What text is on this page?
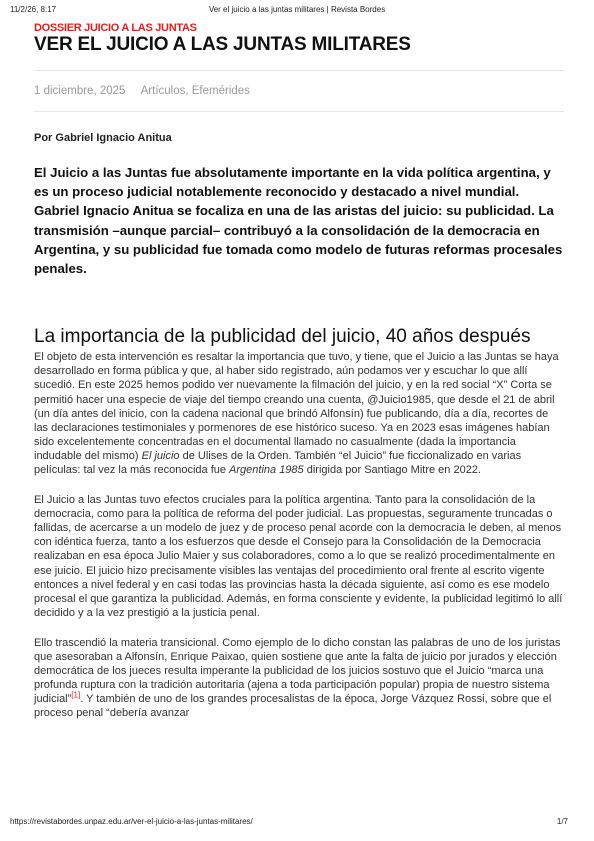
11/2/26, 8:17	Ver el juicio a las juntas militares | Revista Bordes
DOSSIER JUICIO A LAS JUNTAS
VER EL JUICIO A LAS JUNTAS MILITARES
1 diciembre, 2025 Artículos, Efemérides
Por Gabriel Ignacio Anitua
El Juicio a las Juntas fue absolutamente importante en la vida política argentina, y es un proceso judicial notablemente reconocido y destacado a nivel mundial. Gabriel Ignacio Anitua se focaliza en una de las aristas del juicio: su publicidad. La transmisión –aunque parcial– contribuyó a la consolidación de la democracia en Argentina, y su publicidad fue tomada como modelo de futuras reformas procesales penales.
La importancia de la publicidad del juicio, 40 años después

El objeto de esta intervención es resaltar la importancia que tuvo, y tiene, que el Juicio a las Juntas se haya desarrollado en forma pública y que, al haber sido registrado, aún podamos ver y escuchar lo que allí sucedió. En este 2025 hemos podido ver nuevamente la filmación del juicio, y en la red social “X” Corta se permitió hacer una especie de viaje del tiempo creando una cuenta, @Juicio1985, que desde el 21 de abril (un día antes del inicio, con la cadena nacional que brindó Alfonsín) fue publicando, día a día, recortes de las declaraciones testimoniales y pormenores de ese histórico suceso. Ya en 2023 esas imágenes habían sido excelentemente concentradas en el documental llamado no casualmente (dada la importancia indudable del mismo) El juicio de Ulises de la Orden. También “el Juicio” fue ficcionalizado en varias películas: tal vez la más reconocida fue Argentina 1985 dirigida por Santiago Mitre en 2022.

El Juicio a las Juntas tuvo efectos cruciales para la política argentina. Tanto para la consolidación de la democracia, como para la política de reforma del poder judicial. Las propuestas, seguramente truncadas o fallidas, de acercarse a un modelo de juez y de proceso penal acorde con la democracia le deben, al menos con idéntica fuerza, tanto a los esfuerzos que desde el Consejo para la Consolidación de la Democracia realizaban en esa época Julio Maier y sus colaboradores, como a lo que se realizó procedimentalmente en ese juicio. El juicio hizo precisamente visibles las ventajas del procedimiento oral frente al escrito vigente entonces a nivel federal y en casi todas las provincias hasta la década siguiente, así como es ese modelo procesal el que garantiza la publicidad. Además, en forma consciente y evidente, la publicidad legitimó lo allí decidido y a la vez prestigió a la justicia penal.

Ello trascendió la materia transicional. Como ejemplo de lo dicho constan las palabras de uno de los juristas que asesoraban a Alfonsín, Enrique Paixao, quien sostiene que ante la falta de juicio por jurados y elección democrática de los jueces resulta imperante la publicidad de los juicios sostuvo que el Juicio “marca una profunda ruptura con la tradición autoritaria (ajena a toda participación popular) propia de nuestro sistema judicial”[1]. Y también de uno de los grandes procesalistas de la época, Jorge Vázquez Rossi, sobre que el proceso penal “debería avanzar

https://revistabordes.unpaz.edu.ar/ver-el-juicio-a-las-juntas-militares/	1/7
